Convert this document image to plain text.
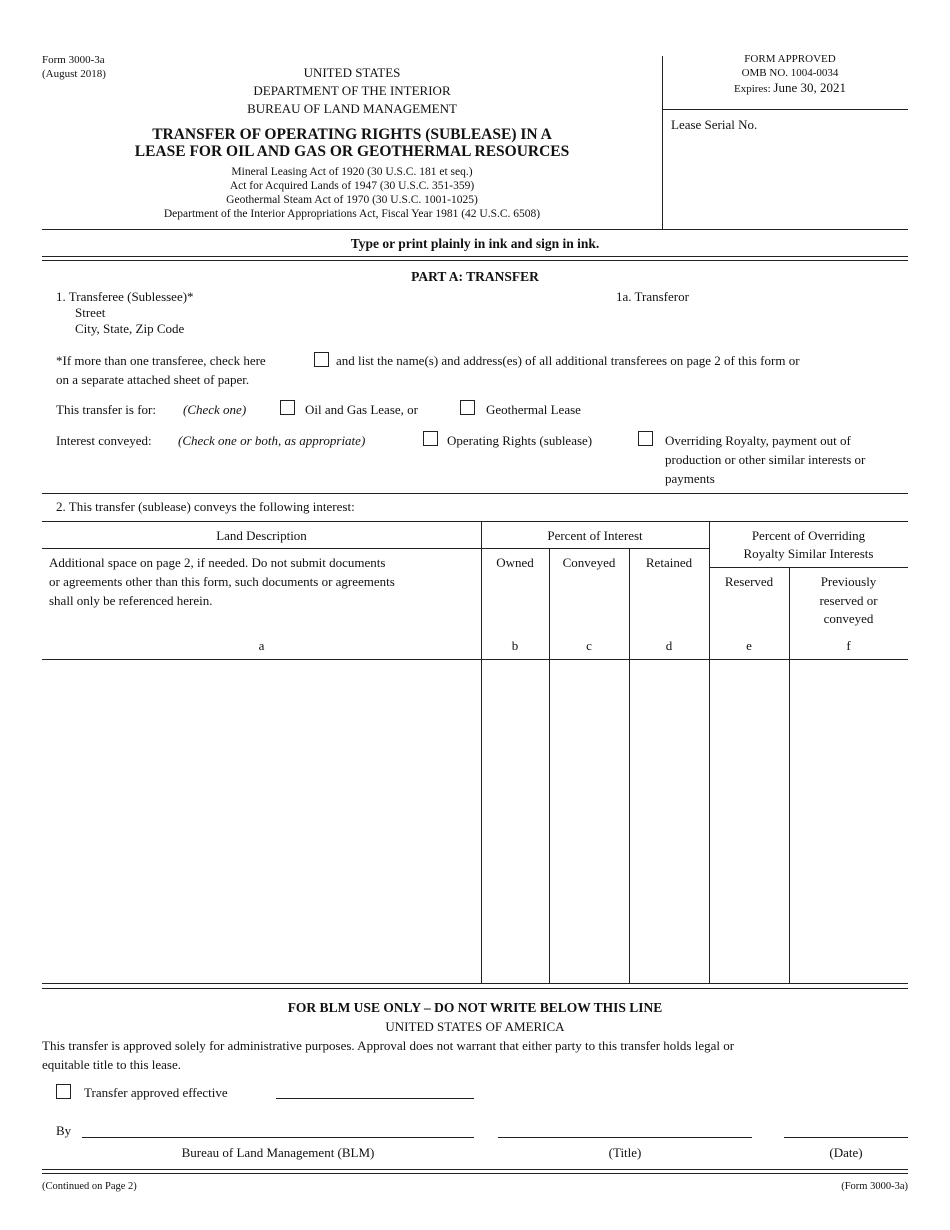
Form 3000-3a
(August 2018)	UNITED STATES
DEPARTMENT OF THE INTERIOR
BUREAU OF LAND MANAGEMENT
TRANSFER OF OPERATING RIGHTS (SUBLEASE) IN A
LEASE FOR OIL AND GAS OR GEOTHERMAL RESOURCES
Mineral Leasing Act of 1920 (30 U.S.C. 181 et seq.)
Act for Acquired Lands of 1947 (30 U.S.C. 351-359)
Geothermal Steam Act of 1970 (30 U.S.C. 1001-1025)
Department of the Interior Appropriations Act, Fiscal Year 1981 (42 U.S.C. 6508)
FORM APPROVED
OMB NO. 1004-0034
Expires: June 30, 2021
Lease Serial No.
Type or print plainly in ink and sign in ink.
PART A: TRANSFER
1. Transferee (Sublessee)*
Street
City, State, Zip Code
1a. Transferor
*If more than one transferee, check here	and list the name(s) and address(es) of all additional transferees on page 2 of this form or
on a separate attached sheet of paper.
This transfer is for: (Check one)	Oil and Gas Lease, or	Geothermal Lease
Interest conveyed: (Check one or both, as appropriate)	Operating Rights (sublease)	Overriding Royalty, payment out of
production or other similar interests or
payments
2. This transfer (sublease) conveys the following interest:
Land Description	Percent of Interest	Percent of Overriding
Royalty Similar Interests
Additional space on page 2, if needed. Do not submit documents
or agreements other than this form, such documents or agreements
shall only be referenced herein.
Owned	Conveyed	Retained
Reserved	Previously
reserved or
conveyed
a	b	c	d	e	f
FOR BLM USE ONLY – DO NOT WRITE BELOW THIS LINE
UNITED STATES OF AMERICA
This transfer is approved solely for administrative purposes. Approval does not warrant that either party to this transfer holds legal or
equitable title to this lease.
Transfer approved effective
By
Bureau of Land Management (BLM)	(Title)	(Date)
(Continued on Page 2)	(Form 3000-3a)
